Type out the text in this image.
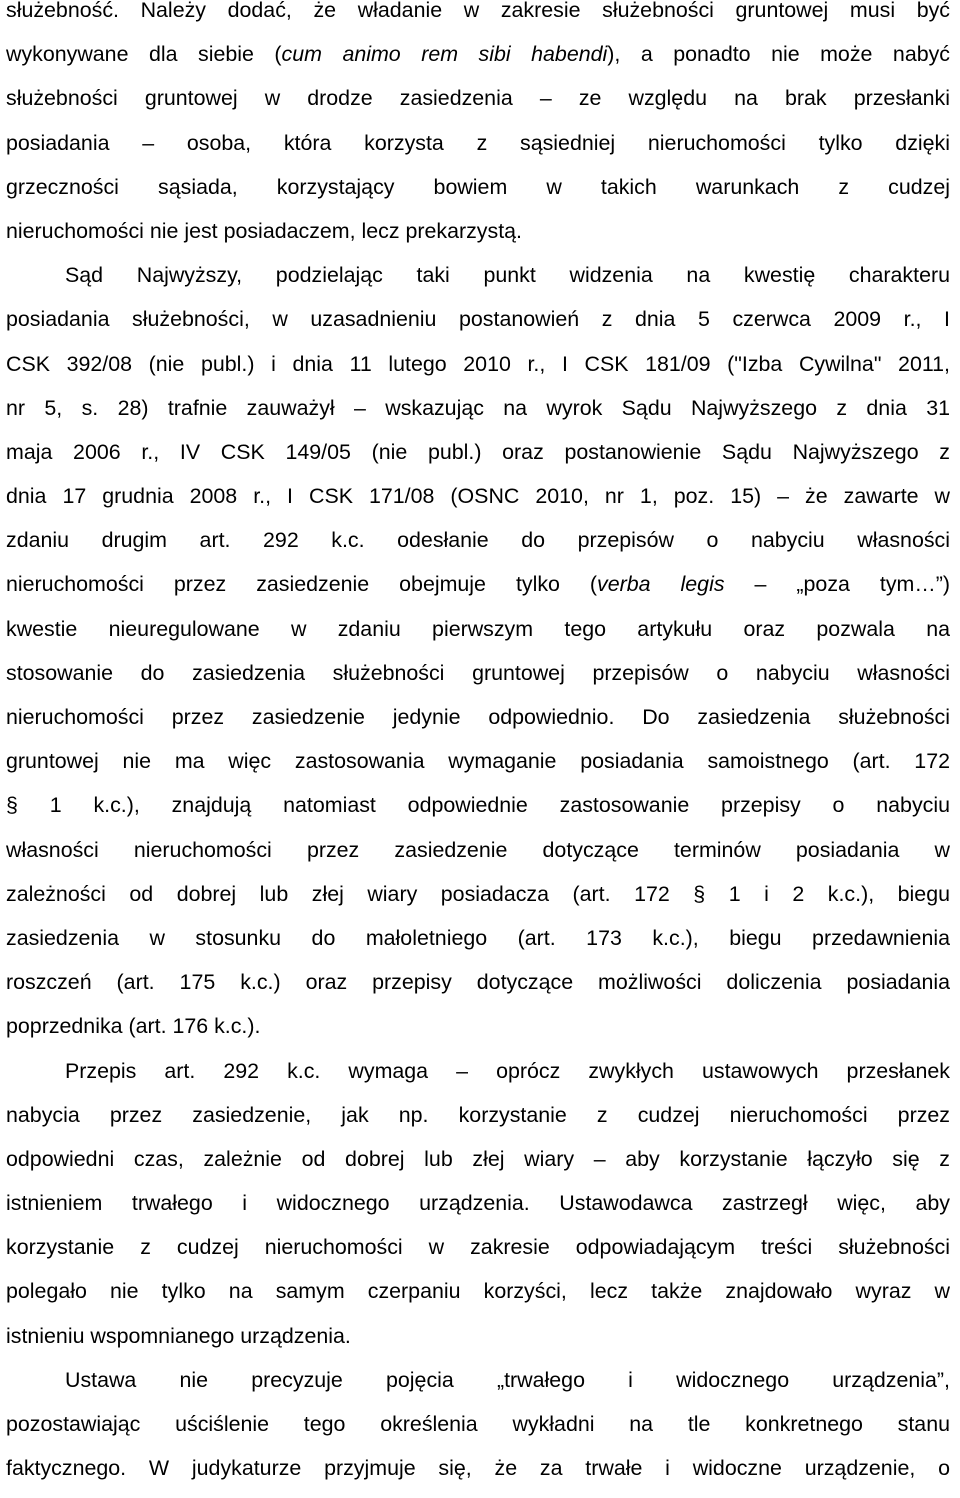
służebność. Należy dodać, że władanie w zakresie służebności gruntowej musi być
wykonywane dla siebie (cum animo rem sibi habendi), a ponadto nie może nabyć
służebności gruntowej w drodze zasiedzenia – ze względu na brak przesłanki
posiadania – osoba, która korzysta z sąsiedniej nieruchomości tylko dzięki
grzeczności sąsiada, korzystający bowiem w takich warunkach z cudzej
nieruchomości nie jest posiadaczem, lecz prekarzystą.
Sąd Najwyższy, podzielając taki punkt widzenia na kwestię charakteru
posiadania służebności, w uzasadnieniu postanowień z dnia 5 czerwca 2009 r., I
CSK 392/08 (nie publ.) i dnia 11 lutego 2010 r., I CSK 181/09 ("Izba Cywilna" 2011,
nr 5, s. 28) trafnie zauważył – wskazując na wyrok Sądu Najwyższego z dnia 31
maja 2006 r., IV CSK 149/05 (nie publ.) oraz postanowienie Sądu Najwyższego z
dnia 17 grudnia 2008 r., I CSK 171/08 (OSNC 2010, nr 1, poz. 15) – że zawarte w
zdaniu drugim art. 292 k.c. odesłanie do przepisów o nabyciu własności
nieruchomości przez zasiedzenie obejmuje tylko (verba legis – „poza tym…”)
kwestie nieuregulowane w zdaniu pierwszym tego artykułu oraz pozwala na
stosowanie do zasiedzenia służebności gruntowej przepisów o nabyciu własności
nieruchomości przez zasiedzenie jedynie odpowiednio. Do zasiedzenia służebności
gruntowej nie ma więc zastosowania wymaganie posiadania samoistnego (art. 172
§ 1 k.c.), znajdują natomiast odpowiednie zastosowanie przepisy o nabyciu
własności nieruchomości przez zasiedzenie dotyczące terminów posiadania w
zależności od dobrej lub złej wiary posiadacza (art. 172 § 1 i 2 k.c.), biegu
zasiedzenia w stosunku do małoletniego (art. 173 k.c.), biegu przedawnienia
roszczeń (art. 175 k.c.) oraz przepisy dotyczące możliwości doliczenia posiadania
poprzednika (art. 176 k.c.).
Przepis art. 292 k.c. wymaga – oprócz zwykłych ustawowych przesłanek
nabycia przez zasiedzenie, jak np. korzystanie z cudzej nieruchomości przez
odpowiedni czas, zależnie od dobrej lub złej wiary – aby korzystanie łączyło się z
istnieniem trwałego i widocznego urządzenia. Ustawodawca zastrzegł więc, aby
korzystanie z cudzej nieruchomości w zakresie odpowiadającym treści służebności
polegało nie tylko na samym czerpaniu korzyści, lecz także znajdowało wyraz w
istnieniu wspomnianego urządzenia.
Ustawa nie precyzuje pojęcia „trwałego i widocznego urządzenia”,
pozostawiając uściślenie tego określenia wykładni na tle konkretnego stanu
faktycznego. W judykaturze przyjmuje się, że za trwałe i widoczne urządzenie, o
